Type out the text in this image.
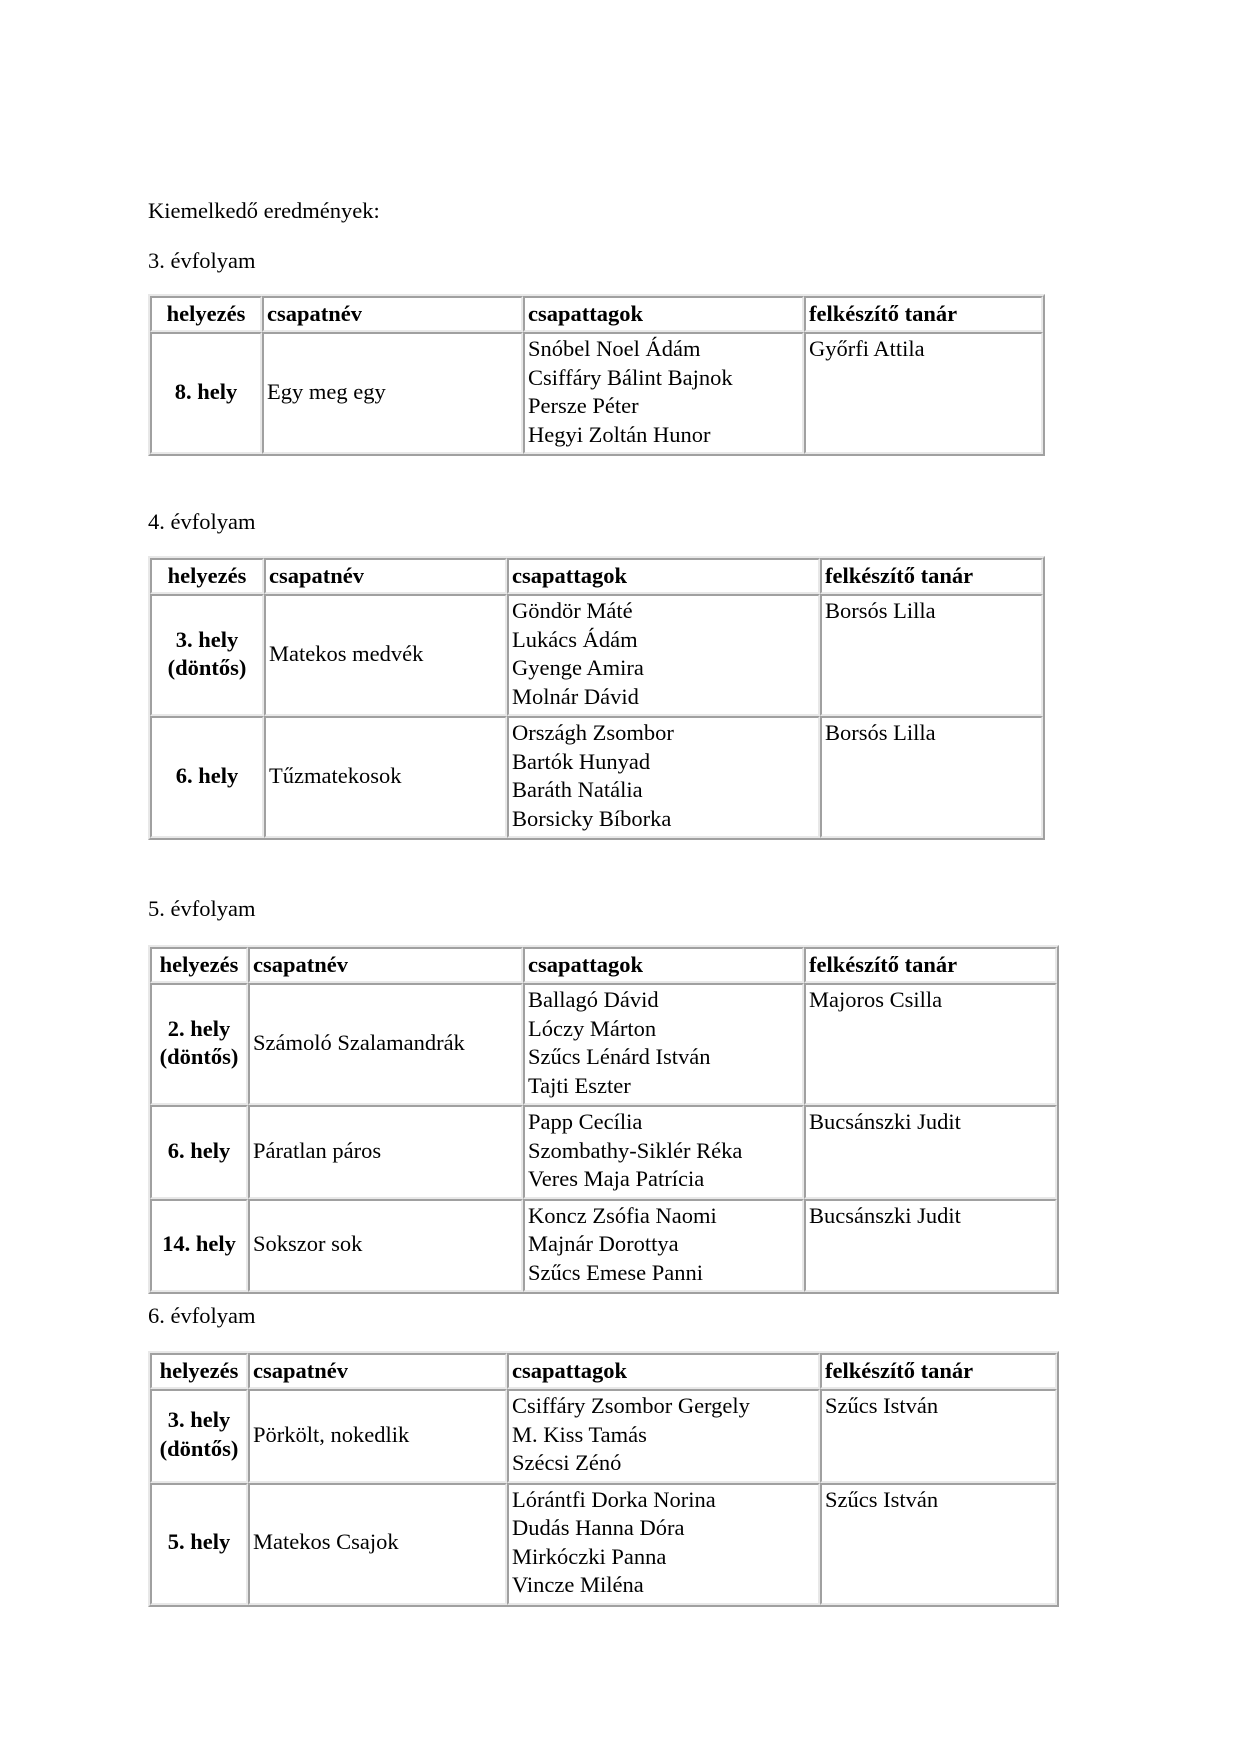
Kiemelkedő eredmények:

3. évfolyam

helyezés	csapatnév	csapattagok	felkészítő tanár

8. hely	Egy meg egy	Snóbel Noel Ádám
Csiffáry Bálint Bajnok
Persze Péter
Hegyi Zoltán Hunor	Győrfi Attila

4. évfolyam

helyezés	csapatnév	csapattagok	felkészítő tanár

3. hely
(döntős)	Matekos medvék	Göndör Máté
Lukács Ádám
Gyenge Amira
Molnár Dávid	Borsós Lilla

6. hely	Tűzmatekosok	Országh Zsombor
Bartók Hunyad
Baráth Natália
Borsicky Bíborka	Borsós Lilla

5. évfolyam

helyezés	csapatnév	csapattagok	felkészítő tanár

2. hely
(döntős)	Számoló Szalamandrák	Ballagó Dávid
Lóczy Márton
Szűcs Lénárd István
Tajti Eszter	Majoros Csilla

6. hely	Páratlan páros	Papp Cecília
Szombathy-Siklér Réka
Veres Maja Patrícia	Bucsánszki Judit

14. hely	Sokszor sok	Koncz Zsófia Naomi
Majnár Dorottya
Szűcs Emese Panni	Bucsánszki Judit

6. évfolyam

helyezés	csapatnév	csapattagok	felkészítő tanár

3. hely
(döntős)	Pörkölt, nokedlik	Csiffáry Zsombor Gergely
M. Kiss Tamás
Szécsi Zénó	Szűcs István

5. hely	Matekos Csajok	Lórántfi Dorka Norina
Dudás Hanna Dóra
Mirkóczki Panna
Vincze Miléna	Szűcs István
